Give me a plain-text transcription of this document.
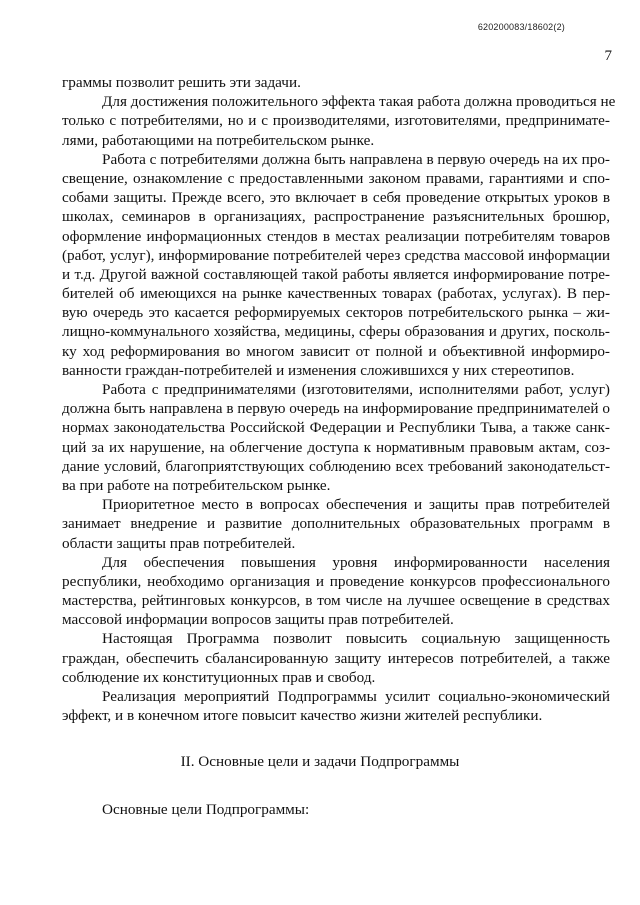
620200083/18602(2)
7
граммы позволит решить эти задачи.
Для достижения положительного эффекта такая работа должна проводиться не
только с потребителями, но и с производителями, изготовителями, предпринимате-
лями, работающими на потребительском рынке.
Работа с потребителями должна быть направлена в первую очередь на их про-
свещение, ознакомление с предоставленными законом правами, гарантиями и спо-
собами защиты. Прежде всего, это включает в себя проведение открытых уроков в
школах, семинаров в организациях, распространение разъяснительных брошюр,
оформление информационных стендов в местах реализации потребителям товаров
(работ, услуг), информирование потребителей через средства массовой информации
и т.д. Другой важной составляющей такой работы является информирование потре-
бителей об имеющихся на рынке качественных товарах (работах, услугах). В пер-
вую очередь это касается реформируемых секторов потребительского рынка – жи-
лищно-коммунального хозяйства, медицины, сферы образования и других, посколь-
ку ход реформирования во многом зависит от полной и объективной информиро-
ванности граждан-потребителей и изменения сложившихся у них стереотипов.
Работа с предпринимателями (изготовителями, исполнителями работ, услуг)
должна быть направлена в первую очередь на информирование предпринимателей о
нормах законодательства Российской Федерации и Республики Тыва, а также санк-
ций за их нарушение, на облегчение доступа к нормативным правовым актам, соз-
дание условий, благоприятствующих соблюдению всех требований законодательст-
ва при работе на потребительском рынке.
Приоритетное место в вопросах обеспечения и защиты прав потребителей
занимает внедрение и развитие дополнительных образовательных программ в
области защиты прав потребителей.
Для обеспечения повышения уровня информированности населения
республики, необходимо организация и проведение конкурсов профессионального
мастерства, рейтинговых конкурсов, в том числе на лучшее освещение в средствах
массовой информации вопросов защиты прав потребителей.
Настоящая Программа позволит повысить социальную защищенность
граждан, обеспечить сбалансированную защиту интересов потребителей, а также
соблюдение их конституционных прав и свобод.
Реализация мероприятий Подпрограммы усилит социально-экономический
эффект, и в конечном итоге повысит качество жизни жителей республики.
II. Основные цели и задачи Подпрограммы
Основные цели Подпрограммы:
